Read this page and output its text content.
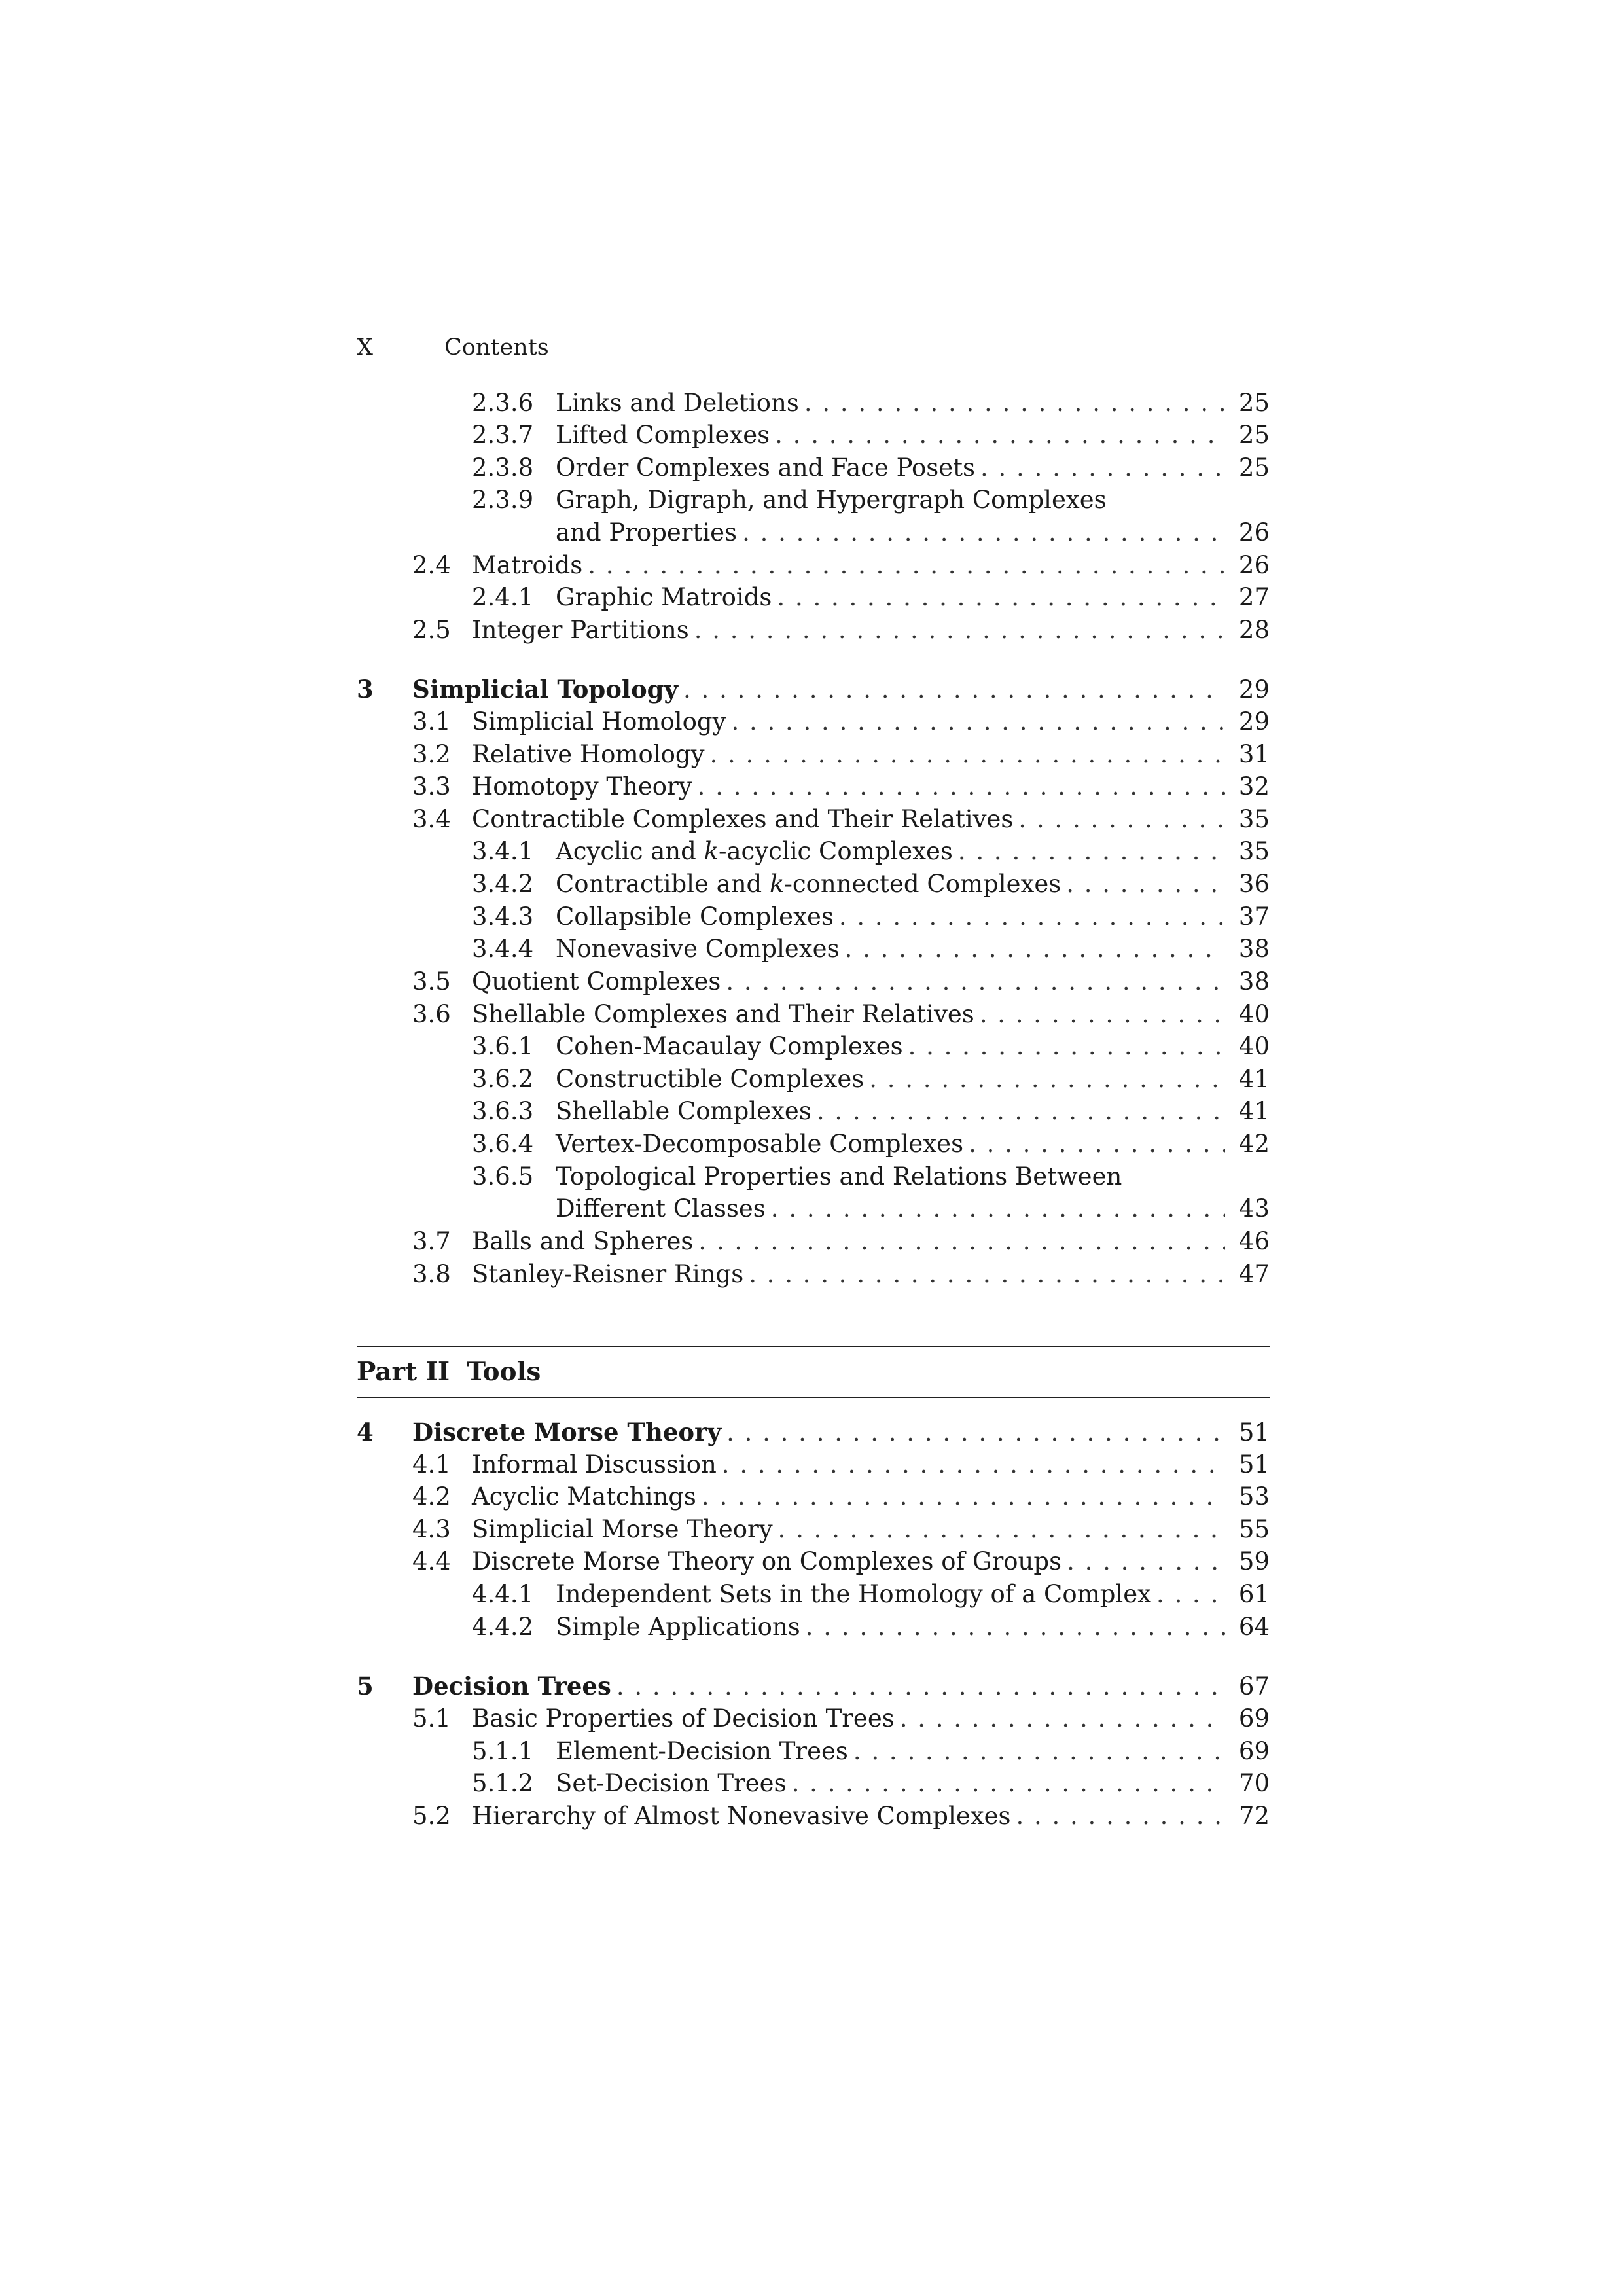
X	Contents
2.3.6 Links and Deletions . . .	25
2.3.7 Lifted Complexes . . .	25
2.3.8 Order Complexes and Face Posets . . .	25
2.3.9 Graph, Digraph, and Hypergraph Complexes
and Properties . . .	26
2.4 Matroids . . .	26
2.4.1 Graphic Matroids . . .	27
2.5 Integer Partitions . . .	28
3 Simplicial Topology . . .	29
3.1 Simplicial Homology . . .	29
3.2 Relative Homology . . .	31
3.3 Homotopy Theory . . .	32
3.4 Contractible Complexes and Their Relatives . . .	35
3.4.1 Acyclic and k-acyclic Complexes . . .	35
3.4.2 Contractible and k-connected Complexes . . .	36
3.4.3 Collapsible Complexes . . .	37
3.4.4 Nonevasive Complexes . . .	38
3.5 Quotient Complexes . . .	38
3.6 Shellable Complexes and Their Relatives . . .	40
3.6.1 Cohen-Macaulay Complexes . . .	40
3.6.2 Constructible Complexes . . .	41
3.6.3 Shellable Complexes . . .	41
3.6.4 Vertex-Decomposable Complexes . . .	42
3.6.5 Topological Properties and Relations Between
Different Classes . . .	43
3.7 Balls and Spheres . . .	46
3.8 Stanley-Reisner Rings . . .	47
4 Discrete Morse Theory . . .	51
4.1 Informal Discussion . . .	51
4.2 Acyclic Matchings . . .	53
4.3 Simplicial Morse Theory . . .	55
4.4 Discrete Morse Theory on Complexes of Groups . . .	59
4.4.1 Independent Sets in the Homology of a Complex . . .	61
4.4.2 Simple Applications . . .	64
5 Decision Trees . . .	67
5.1 Basic Properties of Decision Trees . . .	69
5.1.1 Element-Decision Trees . . .	69
5.1.2 Set-Decision Trees . . .	70
5.2 Hierarchy of Almost Nonevasive Complexes . . .	72
Part II Tools
